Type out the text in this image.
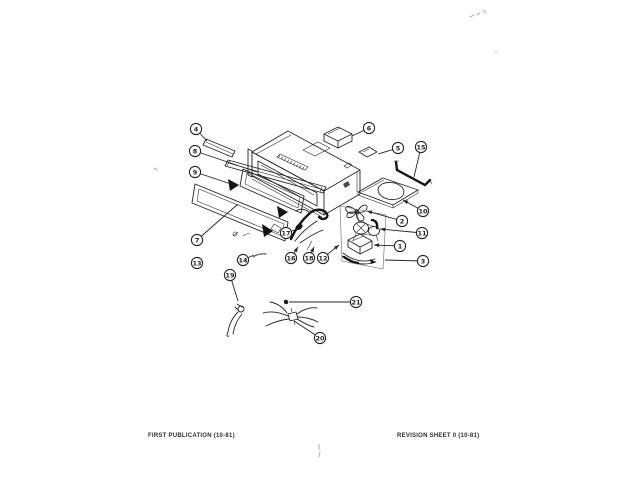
4
8
9
6
5 15
10
2
11
1
3
7
13	14
17
16 18 12
19
20
21
FIRST PUBLICATION (10-81)	REVISION SHEET 0 (10-81)
